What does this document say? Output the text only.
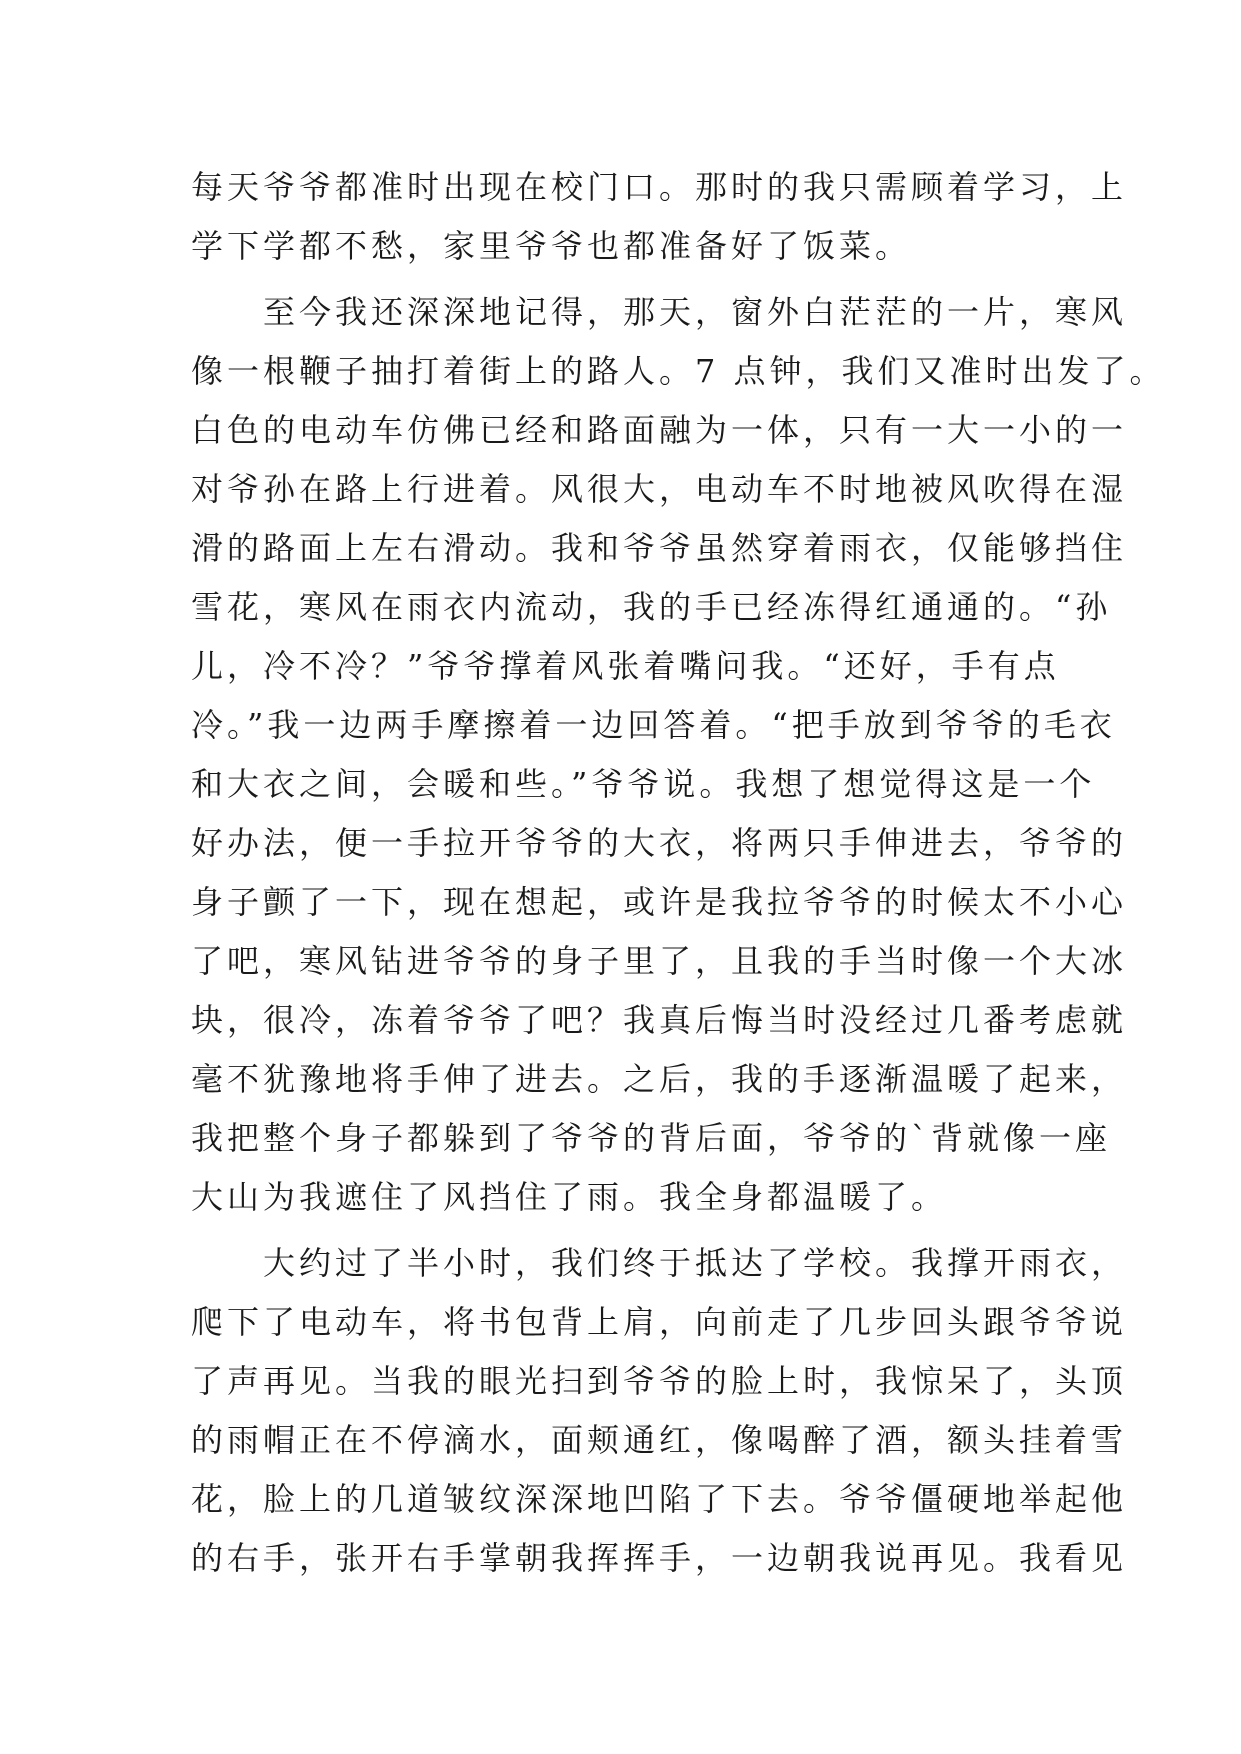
每天爷爷都准时出现在校门口。那时的我只需顾着学习，上
学下学都不愁，家里爷爷也都准备好了饭菜。
　　至今我还深深地记得，那天，窗外白茫茫的一片，寒风
像一根鞭子抽打着街上的路人。7 点钟，我们又准时出发了。
白色的电动车仿佛已经和路面融为一体，只有一大一小的一
对爷孙在路上行进着。风很大，电动车不时地被风吹得在湿
滑的路面上左右滑动。我和爷爷虽然穿着雨衣，仅能够挡住
雪花，寒风在雨衣内流动，我的手已经冻得红通通的。“孙
儿，冷不冷？”爷爷撑着风张着嘴问我。“还好，手有点
冷。”我一边两手摩擦着一边回答着。“把手放到爷爷的毛衣
和大衣之间，会暖和些。”爷爷说。我想了想觉得这是一个
好办法，便一手拉开爷爷的大衣，将两只手伸进去，爷爷的
身子颤了一下，现在想起，或许是我拉爷爷的时候太不小心
了吧，寒风钻进爷爷的身子里了，且我的手当时像一个大冰
块，很冷，冻着爷爷了吧？我真后悔当时没经过几番考虑就
毫不犹豫地将手伸了进去。之后，我的手逐渐温暖了起来，
我把整个身子都躲到了爷爷的背后面，爷爷的`背就像一座
大山为我遮住了风挡住了雨。我全身都温暖了。
　　大约过了半小时，我们终于抵达了学校。我撑开雨衣，
爬下了电动车，将书包背上肩，向前走了几步回头跟爷爷说
了声再见。当我的眼光扫到爷爷的脸上时，我惊呆了，头顶
的雨帽正在不停滴水，面颊通红，像喝醉了酒，额头挂着雪
花，脸上的几道皱纹深深地凹陷了下去。爷爷僵硬地举起他
的右手，张开右手掌朝我挥挥手，一边朝我说再见。我看见
